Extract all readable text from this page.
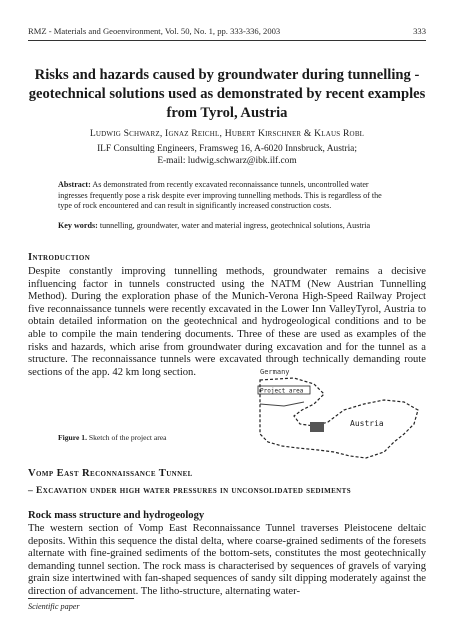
RMZ - Materials and Geoenvironment, Vol. 50, No. 1, pp. 333-336, 2003	333
Risks and hazards caused by groundwater during tunnelling - geotechnical solutions used as demonstrated by recent examples from Tyrol, Austria
Ludwig Schwarz, Ignaz Reichl, Hubert Kirschner & Klaus Robl
ILF Consulting Engineers, Framsweg 16, A-6020 Innsbruck, Austria;
E-mail: ludwig.schwarz@ibk.ilf.com
Abstract: As demonstrated from recently excavated reconnaissance tunnels, uncontrolled water ingresses frequently pose a risk despite ever improving tunnelling methods. This is regardless of the type of rock encountered and can result in significantly increased construction costs.
Key words: tunnelling, groundwater, water and material ingress, geotechnical solutions, Austria
Introduction
Despite constantly improving tunnelling methods, groundwater remains a decisive influencing factor in tunnels constructed using the NATM (New Austrian Tunnelling Method). During the exploration phase of the Munich-Verona High-Speed Railway Project five reconnaissance tunnels were recently excavated in the Lower Inn ValleyTyrol, Austria to obtain detailed information on the geotechnical and hydrogeological conditions and to be able to compile the main tendering documents. Three of these are used as examples of the risks and hazards, which arise from groundwater during excavation and for the tunnel as a structure. The reconnaissance tunnels were excavated through technically demanding route sections of the app. 42 km long section.	Germany
Project area
Austria
Figure 1. Sketch of the project area
Vomp East Reconnaissance Tunnel
– Excavation under high water pressures in unconsolidated sediments
Rock mass structure and hydrogeology
The western section of Vomp East Reconnaissance Tunnel traverses Pleistocene deltaic deposits. Within this sequence the distal delta, where coarse-grained sediments of the foresets alternate with fine-grained sediments of the bottom-sets, constitutes the most geotechnically demanding tunnel section. The rock mass is characterised by sequences of gravels of varying grain size intertwined with fan-shaped sequences of sandy silt dipping moderately against the direction of advancement. The litho-structure, alternating water-
Scientific paper
